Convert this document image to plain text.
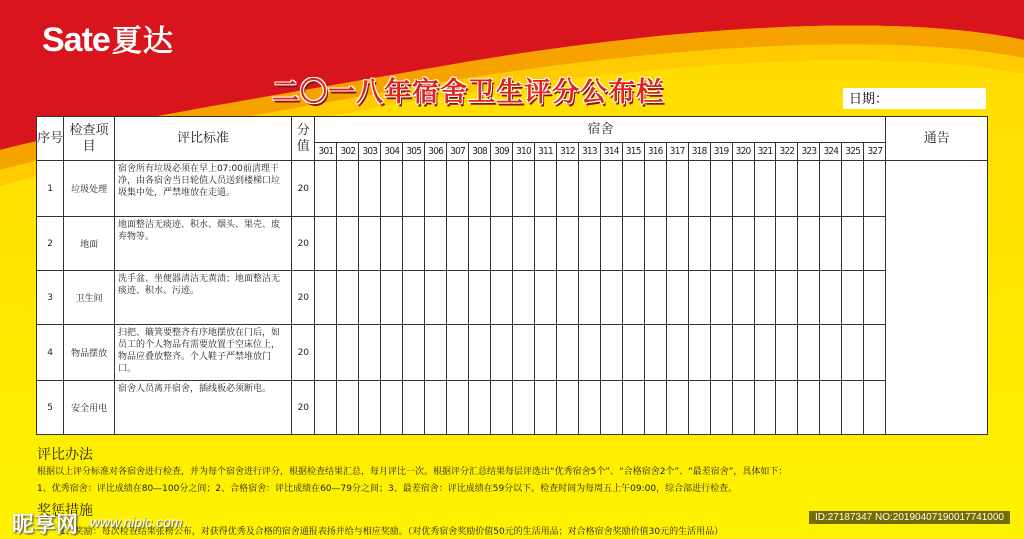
Sate夏达
二〇一八年宿舍卫生评分公布栏	日期：
序号	检查项目	评比标准	分值	宿舍																										通告
				301	302	303	304	305	306	307	308	309	310	311	312	313	314	315	316	317	318	319	320	321	322	323	324	325	327	
1	垃圾处理	宿舍所有垃圾必须在早上07:00前清理干净，由各宿舍当日轮值人员送到楼梯口垃圾集中处，严禁堆放在走道。	20																											
2	地面	地面整洁无痰迹、积水、烟头、果壳、废弃物等。	20																											
3	卫生间	洗手盆、坐便器清洁无黄渍；地面整洁无痰迹、积水、污迹。	20																											
4	物品摆放	扫把、簸箕要整齐有序地摆放在门后，如员工的个人物品有需要放置于空床位上，物品应叠放整齐。个人鞋子严禁堆放门口。	20																											
5	安全用电	宿舍人员离开宿舍，插线板必须断电。	20																											
评比办法
根据以上评分标准对各宿舍进行检查，并为每个宿舍进行评分，根据检查结果汇总，每月评比一次。根据评分汇总结果每层评选出“优秀宿舍5个”、“合格宿舍2个”、“最差宿舍”，具体如下：
1、优秀宿舍：评比成绩在80—100分之间；2、合格宿舍：评比成绩在60—79分之间；3、最差宿舍：评比成绩在59分以下。检查时间为每周五上午09:00，综合部进行检查。
奖惩措施
1、奖励：每次检查结果张榜公布，对获得优秀及合格的宿舍通报表扬并给与相应奖励。（对优秀宿舍奖励价值50元的生活用品；对合格宿舍奖励价值30元的生活用品）
昵享网 www.nipic.com	ID:27187347 NO:20190407190017741000
